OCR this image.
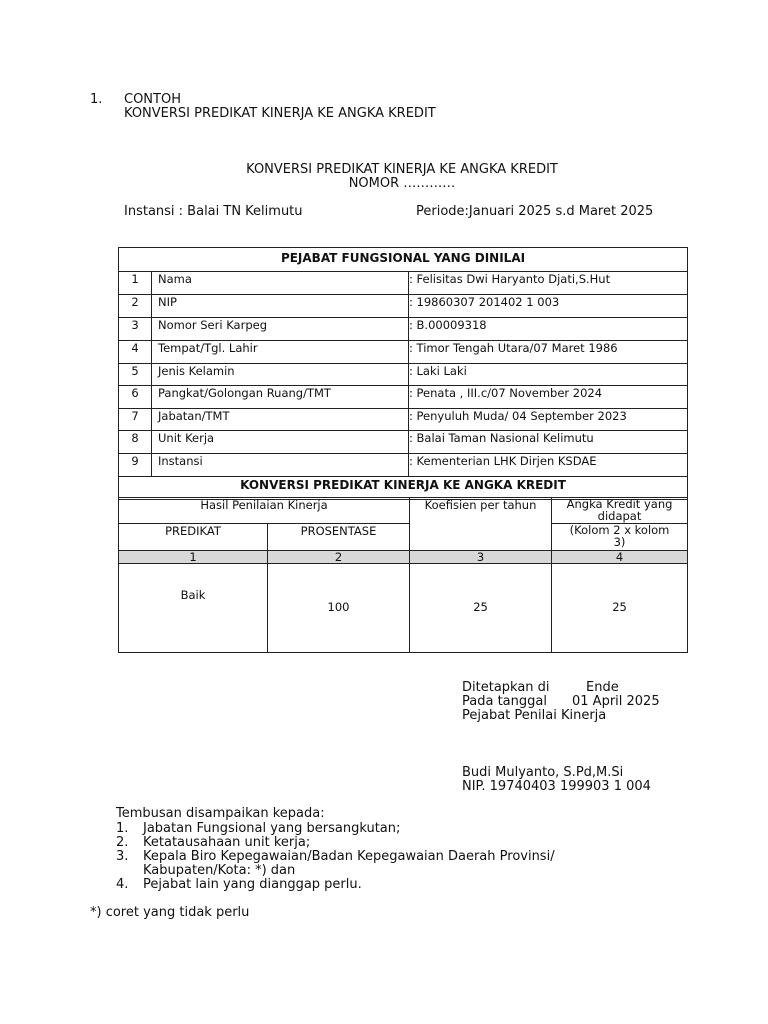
1. CONTOH
KONVERSI PREDIKAT KINERJA KE ANGKA KREDIT
KONVERSI PREDIKAT KINERJA KE ANGKA KREDIT
NOMOR …………
Instansi : Balai TN Kelimutu	Periode:Januari 2025 s.d Maret 2025
PEJABAT FUNGSIONAL YANG DINILAI		
1	Nama	: Felisitas Dwi Haryanto Djati,S.Hut
2	NIP	: 19860307 201402 1 003
3	Nomor Seri Karpeg	: B.00009318
4	Tempat/Tgl. Lahir	: Timor Tengah Utara/07 Maret 1986
5	Jenis Kelamin	: Laki Laki
6	Pangkat/Golongan Ruang/TMT	: Penata , III.c/07 November 2024
7	Jabatan/TMT	: Penyuluh Muda/ 04 September 2023
8	Unit Kerja	: Balai Taman Nasional Kelimutu
9	Instansi	: Kementerian LHK Dirjen KSDAE
KONVERSI PREDIKAT KINERJA KE ANGKA KREDIT		
Hasil Penilaian Kinerja		Koefisien per tahun	Angka Kredit yang
didapat

PREDIKAT	PROSENTASE		(Kolom 2 x kolom
3)

1	2	3	4
Baik	100	25	25
Ditetapkan di	Ende
Pada tanggal 01 April 2025
Pejabat Penilai Kinerja
Budi Mulyanto, S.Pd,M.Si
NIP. 19740403 199903 1 004
Tembusan disampaikan kepada:
1. Jabatan Fungsional yang bersangkutan;
2. Ketatausahaan unit kerja;
3. Kepala Biro Kepegawaian/Badan Kepegawaian Daerah Provinsi/
Kabupaten/Kota: *) dan
4. Pejabat lain yang dianggap perlu.
*) coret yang tidak perlu
